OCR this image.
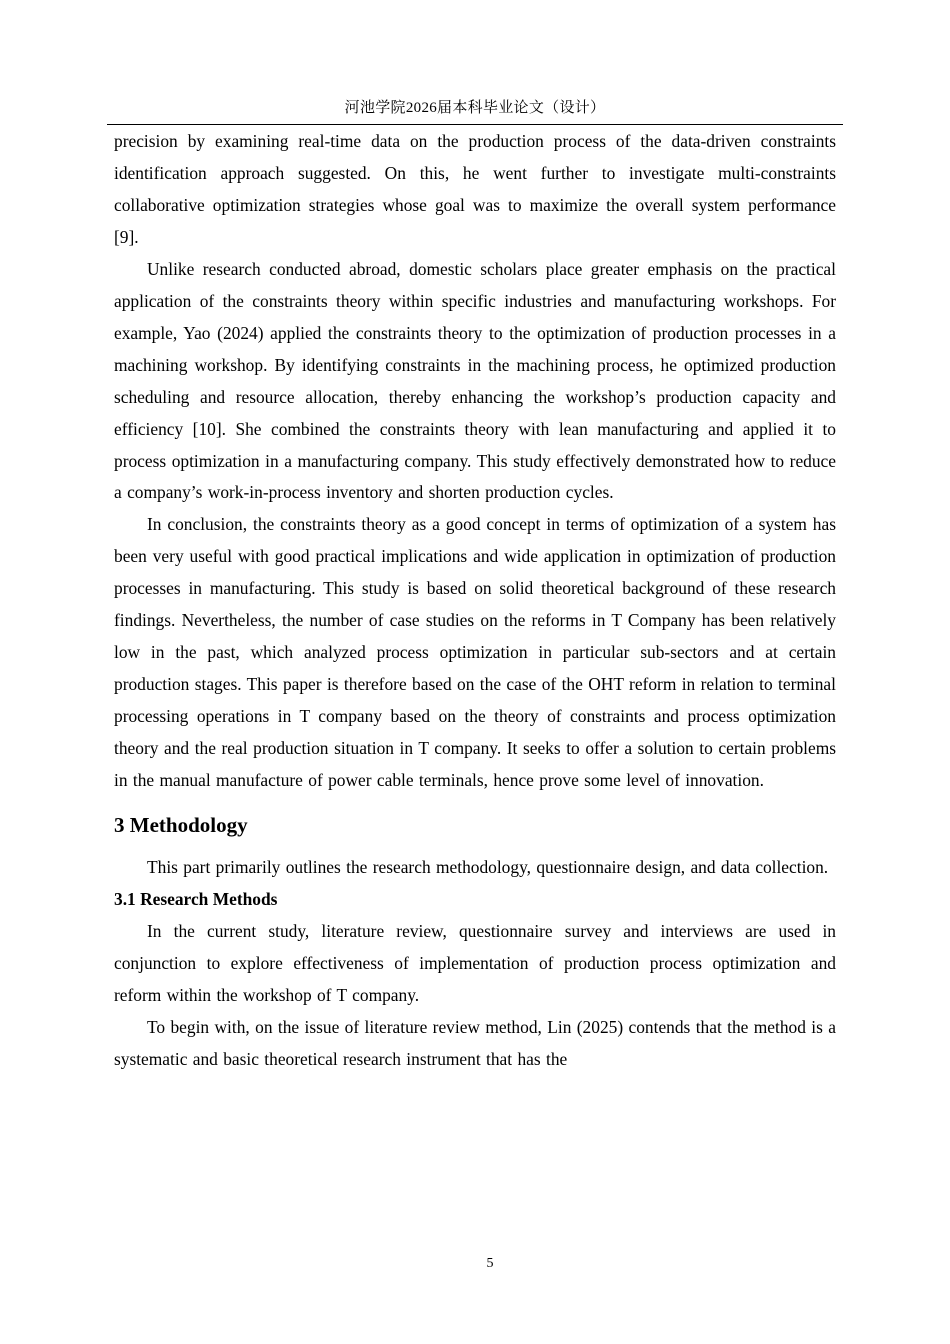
河池学院2026届本科毕业论文（设计）

precision by examining real-time data on the production process of the data-driven constraints identification approach suggested. On this, he went further to investigate multi-constraints collaborative optimization strategies whose goal was to maximize the overall system performance [9].

Unlike research conducted abroad, domestic scholars place greater emphasis on the practical application of the constraints theory within specific industries and manufacturing workshops. For example, Yao (2024) applied the constraints theory to the optimization of production processes in a machining workshop. By identifying constraints in the machining process, he optimized production scheduling and resource allocation, thereby enhancing the workshop’s production capacity and efficiency [10]. She combined the constraints theory with lean manufacturing and applied it to process optimization in a manufacturing company. This study effectively demonstrated how to reduce a company’s work-in-process inventory and shorten production cycles.

In conclusion, the constraints theory as a good concept in terms of optimization of a system has been very useful with good practical implications and wide application in optimization of production processes in manufacturing. This study is based on solid theoretical background of these research findings. Nevertheless, the number of case studies on the reforms in T Company has been relatively low in the past, which analyzed process optimization in particular sub-sectors and at certain production stages. This paper is therefore based on the case of the OHT reform in relation to terminal processing operations in T company based on the theory of constraints and process optimization theory and the real production situation in T company. It seeks to offer a solution to certain problems in the manual manufacture of power cable terminals, hence prove some level of innovation.

3 Methodology

This part primarily outlines the research methodology, questionnaire design, and data collection.

3.1 Research Methods

In the current study, literature review, questionnaire survey and interviews are used in conjunction to explore effectiveness of implementation of production process optimization and reform within the workshop of T company.

To begin with, on the issue of literature review method, Lin (2025) contends that the method is a systematic and basic theoretical research instrument that has the

5
